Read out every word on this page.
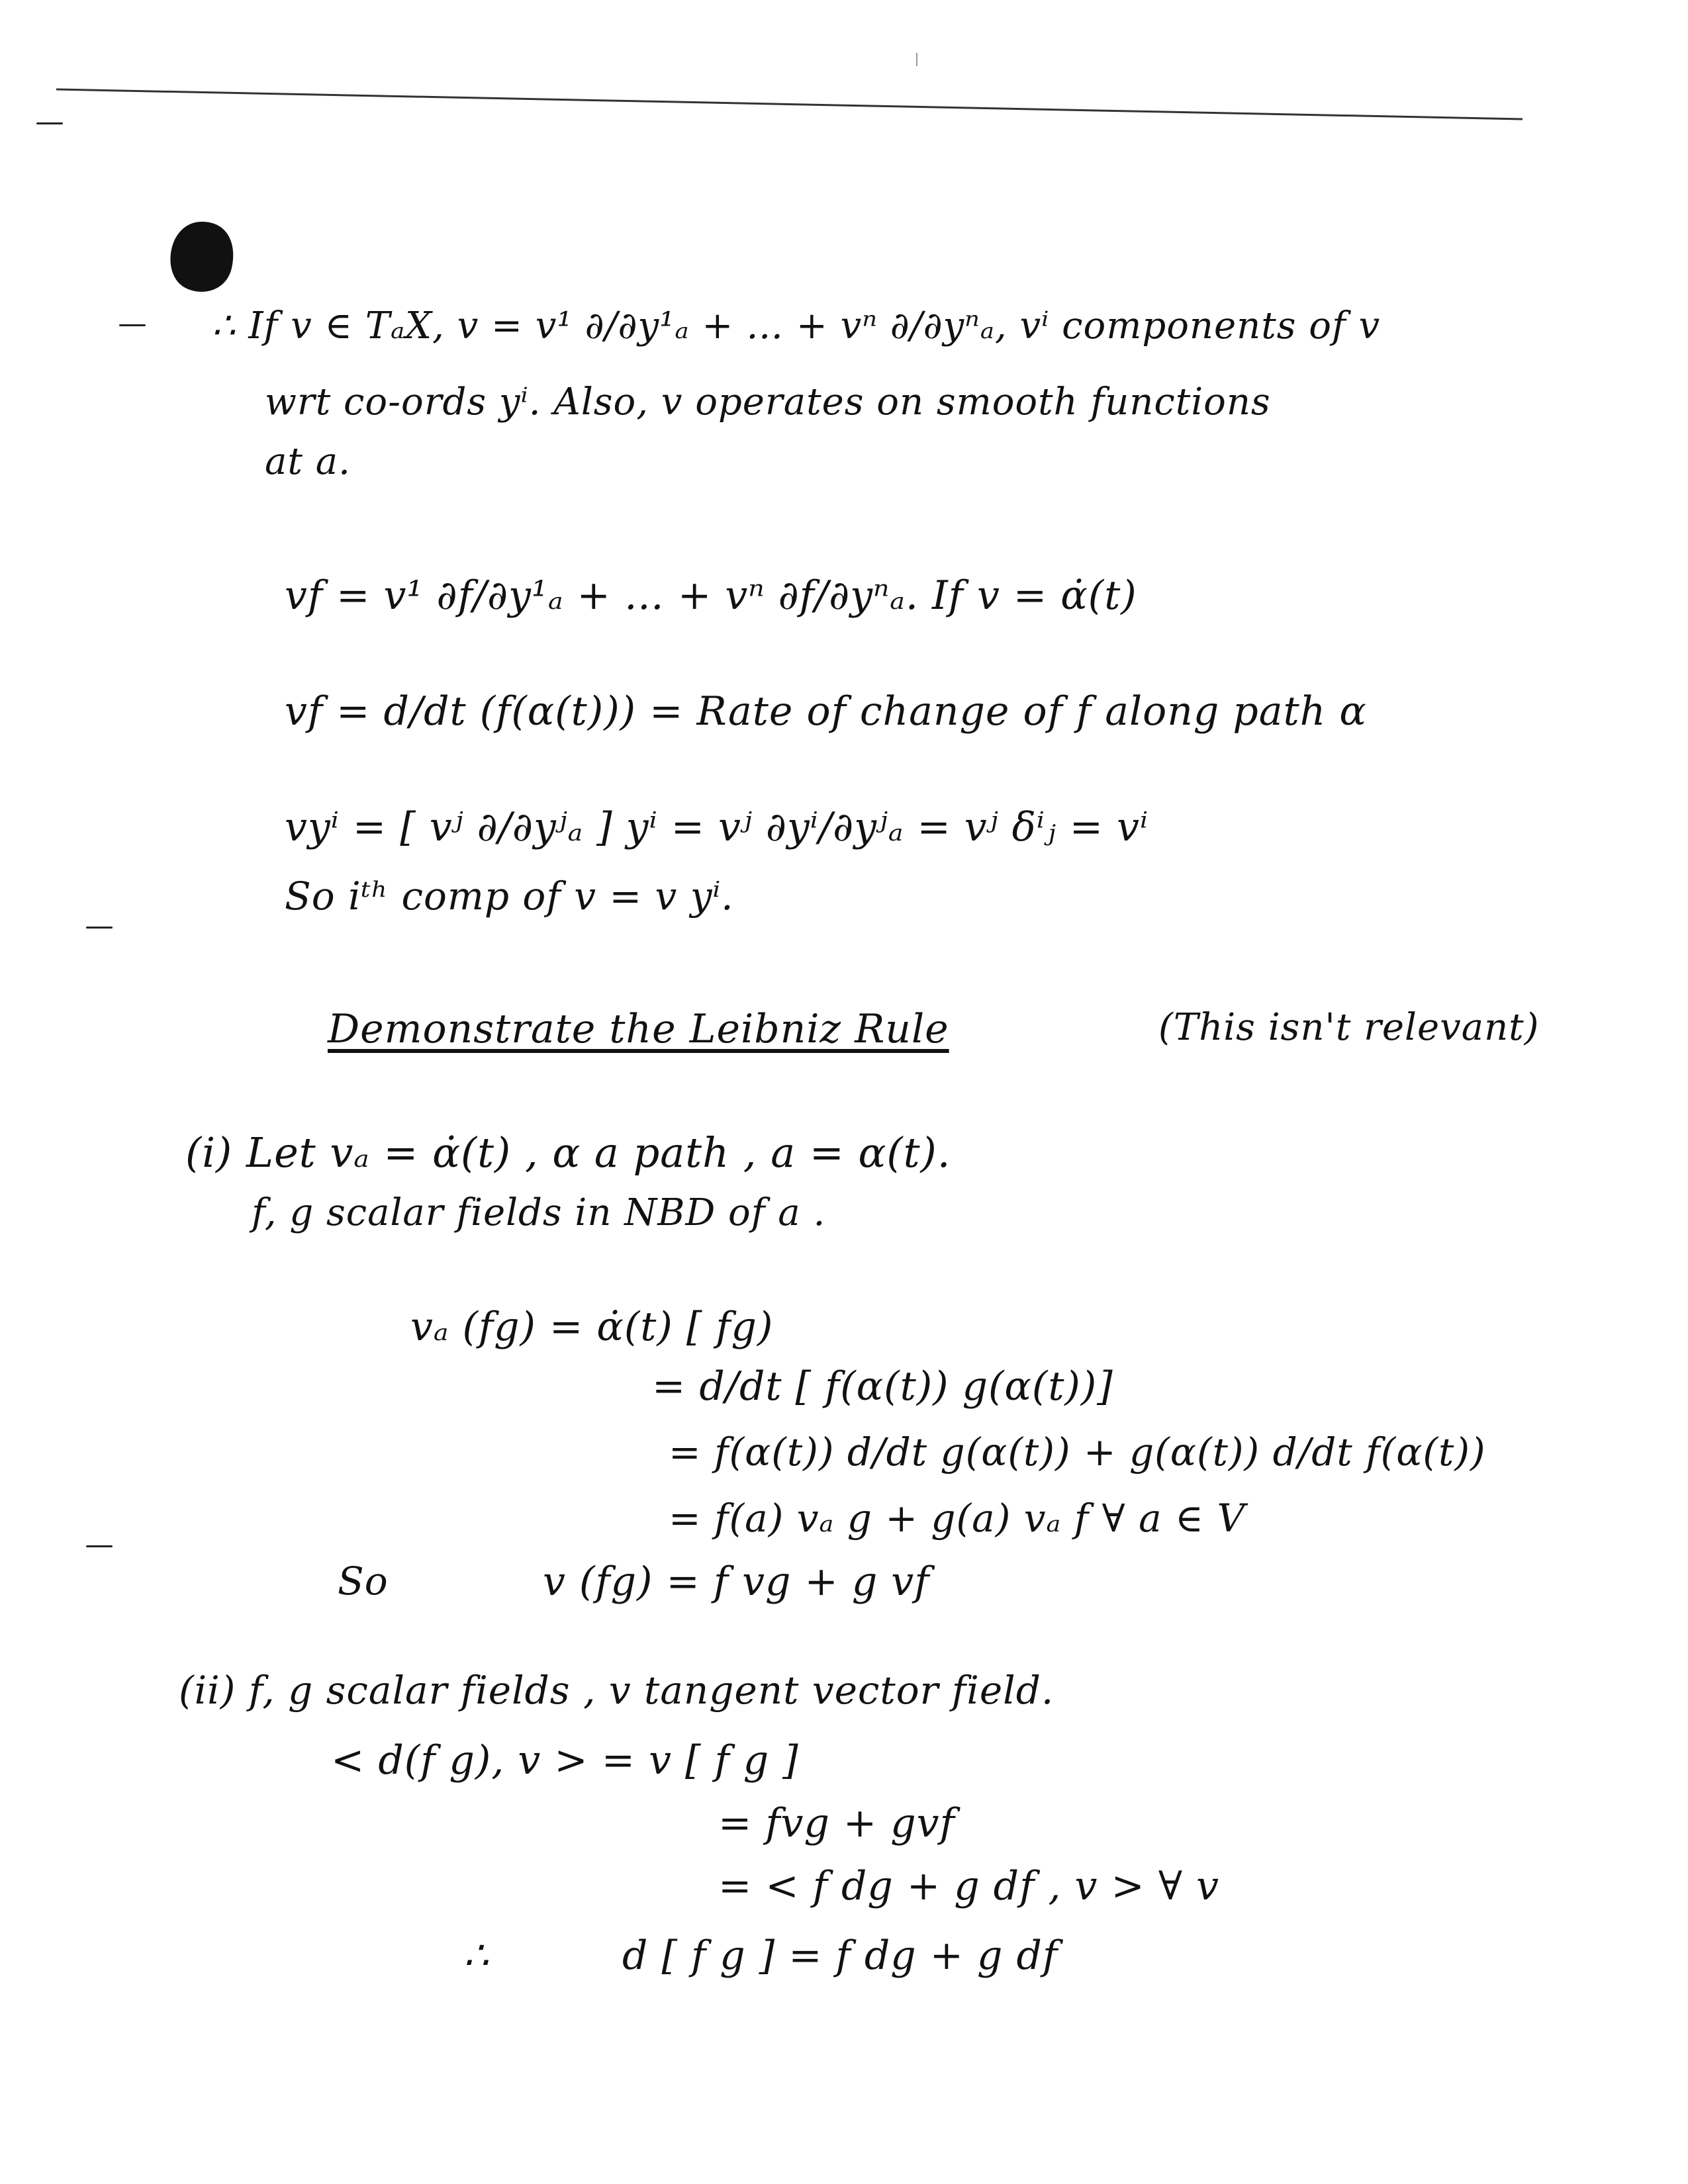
∴ If v ∈ TₐX, v = v¹ ∂/∂y¹ₐ + … + vⁿ ∂/∂yⁿₐ, vⁱ components of v
wrt co-ords yⁱ. Also, v operates on smooth functions
at a.
vf = v¹ ∂f/∂y¹ₐ + … + vⁿ ∂f/∂yⁿₐ. If v = α̇(t)
vf = d/dt (f(α(t))) = Rate of change of f along path α
vyⁱ = [ vʲ ∂/∂yʲₐ ] yⁱ = vʲ ∂yⁱ/∂yʲₐ = vʲ δⁱⱼ = vⁱ
So iᵗʰ comp of v = v yⁱ.
Demonstrate the Leibniz Rule	(This isn't relevant)
(i) Let vₐ = α̇(t) , α a path , a = α(t).
f, g scalar fields in NBD of a .
vₐ (fg) = α̇(t) [ fg)
= d/dt [ f(α(t)) g(α(t))]
= f(α(t)) d/dt g(α(t)) + g(α(t)) d/dt f(α(t))
= f(a) vₐ g + g(a) vₐ f ∀ a ∈ V
So	v (fg) = f vg + g vf
(ii) f, g scalar fields , v tangent vector field.
< d(f g), v > = v [ f g ]
= fvg + gvf
= < f dg + g df , v > ∀ v
∴	d [ f g ] = f dg + g df
